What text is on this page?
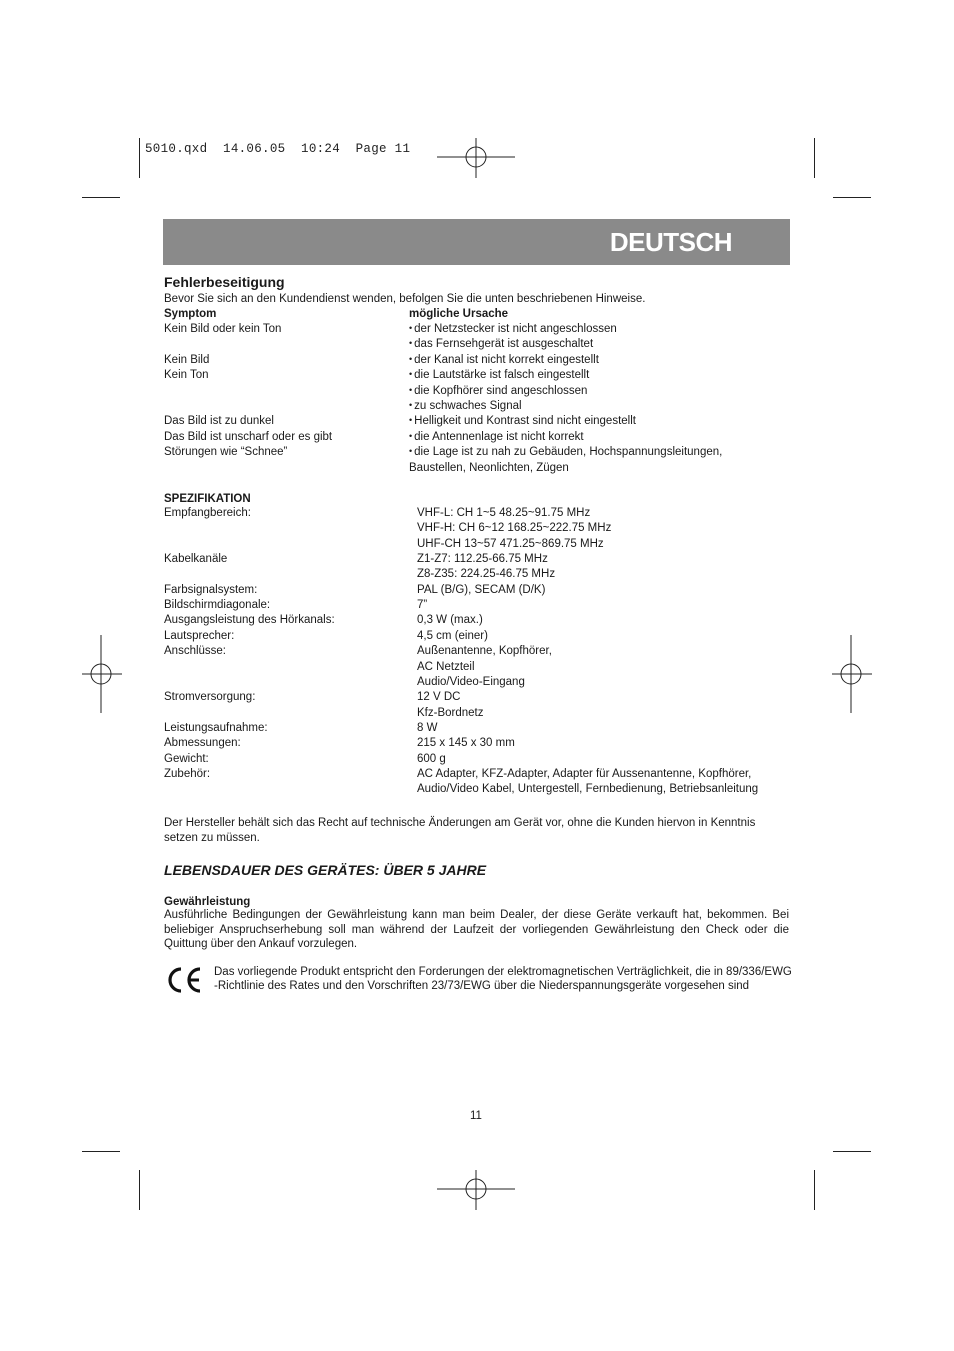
5010.qxd  14.06.05  10:24  Page 11
DEUTSCH
Fehlerbeseitigung
Bevor Sie sich an den Kundendienst wenden, befolgen Sie die unten beschriebenen Hinweise.
Symptom	mögliche Ursache
Kein Bild oder kein Ton	• der Netzstecker ist nicht angeschlossen
• das Fernsehgerät ist ausgeschaltet
Kein Bild	• der Kanal ist nicht korrekt eingestellt
Kein Ton	• die Lautstärke ist falsch eingestellt
• die Kopfhörer sind angeschlossen
• zu schwaches Signal
Das Bild ist zu dunkel	• Helligkeit und Kontrast sind nicht eingestellt
Das Bild ist unscharf oder es gibt	• die Antennenlage ist nicht korrekt
Störungen wie “Schnee”	• die Lage ist zu nah zu Gebäuden, Hochspannungsleitungen,
Baustellen, Neonlichten, Zügen
SPEZIFIKATION
Empfangbereich:	VHF-L: CH 1~5 48.25~91.75 MHz
VHF-H: CH 6~12 168.25~222.75 MHz
UHF-CH 13~57 471.25~869.75 MHz
Kabelkanäle	Z1-Z7: 112.25-66.75 MHz
Z8-Z35: 224.25-46.75 MHz
Farbsignalsystem:	PAL (B/G), SECAM (D/K)
Bildschirmdiagonale:	7”
Ausgangsleistung des Hörkanals:	0,3 W (max.)
Lautsprecher:	4,5 cm (einer)
Anschlüsse:	Außenantenne, Kopfhörer,
AC Netzteil
Audio/Video-Eingang
Stromversorgung:	12 V DC
Kfz-Bordnetz
Leistungsaufnahme:	8 W
Abmessungen:	215 x 145 x 30 mm
Gewicht:	600 g
Zubehör:	AC Adapter, KFZ-Adapter, Adapter für Aussenantenne, Kopfhörer,
Audio/Video Kabel, Untergestell, Fernbedienung, Betriebsanleitung
Der Hersteller behält sich das Recht auf technische Änderungen am Gerät vor, ohne die Kunden hiervon in Kenntnis setzen zu müssen.
LEBENSDAUER DES GERÄTES: ÜBER 5 JAHRE
Gewährleistung
Ausführliche Bedingungen der Gewährleistung kann man beim Dealer, der diese Geräte verkauft hat, bekommen. Bei beliebiger Anspruchserhebung soll man während der Laufzeit der vorliegenden Gewährleistung den Check oder die Quittung über den Ankauf vorzulegen.
Das vorliegende Produkt entspricht den Forderungen der elektromagnetischen Verträglichkeit, die in 89/336/EWG
-Richtlinie des Rates und den Vorschriften 23/73/EWG über die Niederspannungsgeräte vorgesehen sind
11
